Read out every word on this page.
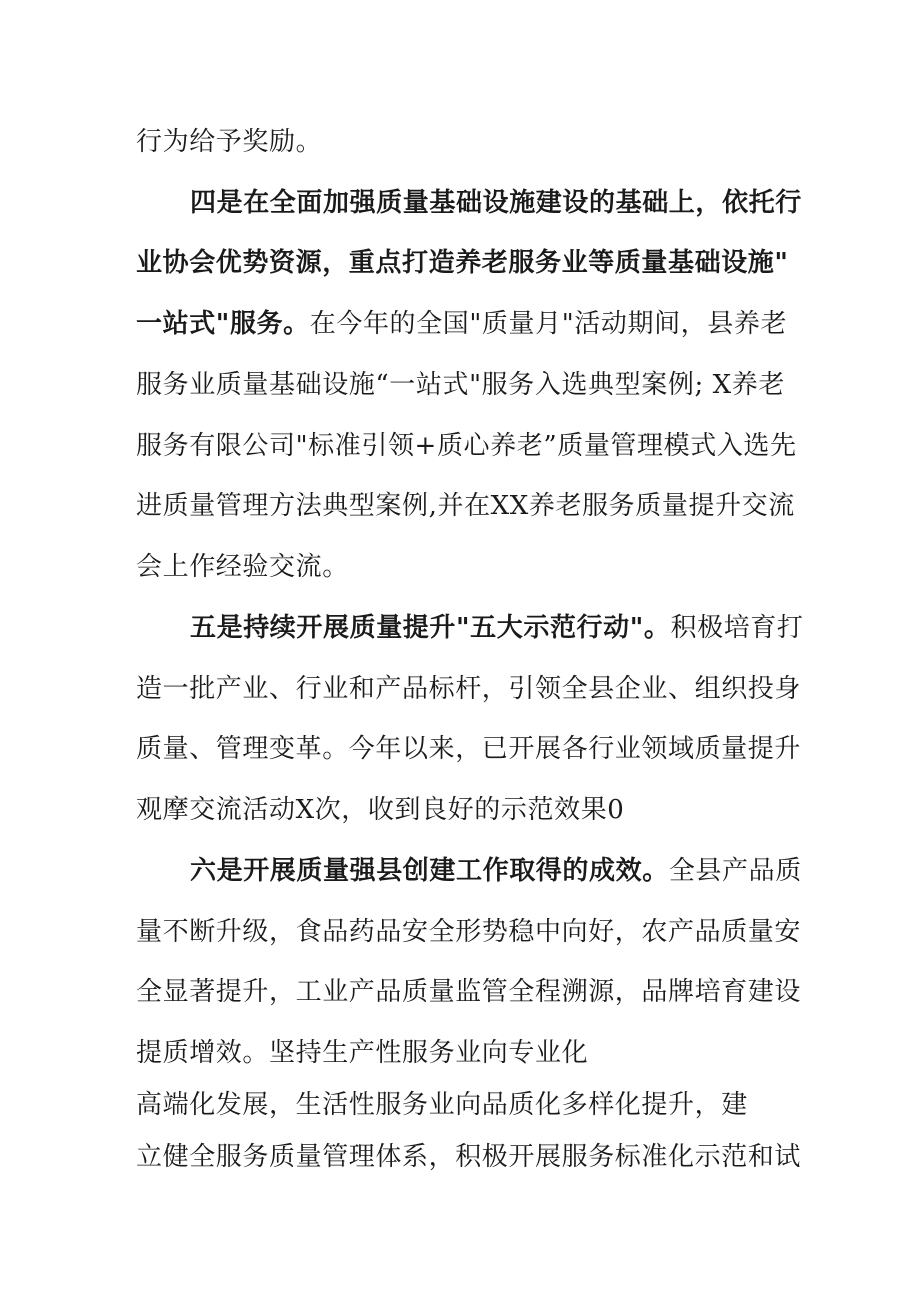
行为给予奖励。
四是在全面加强质量基础设施建设的基础上，依托行
业协会优势资源，重点打造养老服务业等质量基础设施"
一站式"服务。在今年的全国"质量月"活动期间，县养老
服务业质量基础设施“一站式"服务入选典型案例; X养老
服务有限公司"标准引领+质心养老”质量管理模式入选先
进质量管理方法典型案例,并在XX养老服务质量提升交流
会上作经验交流。
五是持续开展质量提升"五大示范行动"。积极培育打
造一批产业、行业和产品标杆，引领全县企业、组织投身
质量、管理变革。今年以来，已开展各行业领域质量提升
观摩交流活动X次，收到良好的示范效果0
六是开展质量强县创建工作取得的成效。全县产品质
量不断升级，食品药品安全形势稳中向好，农产品质量安
全显著提升，工业产品质量监管全程溯源，品牌培育建设
提质增效。坚持生产性服务业向专业化
高端化发展，生活性服务业向品质化多样化提升，建
立健全服务质量管理体系，积极开展服务标准化示范和试
